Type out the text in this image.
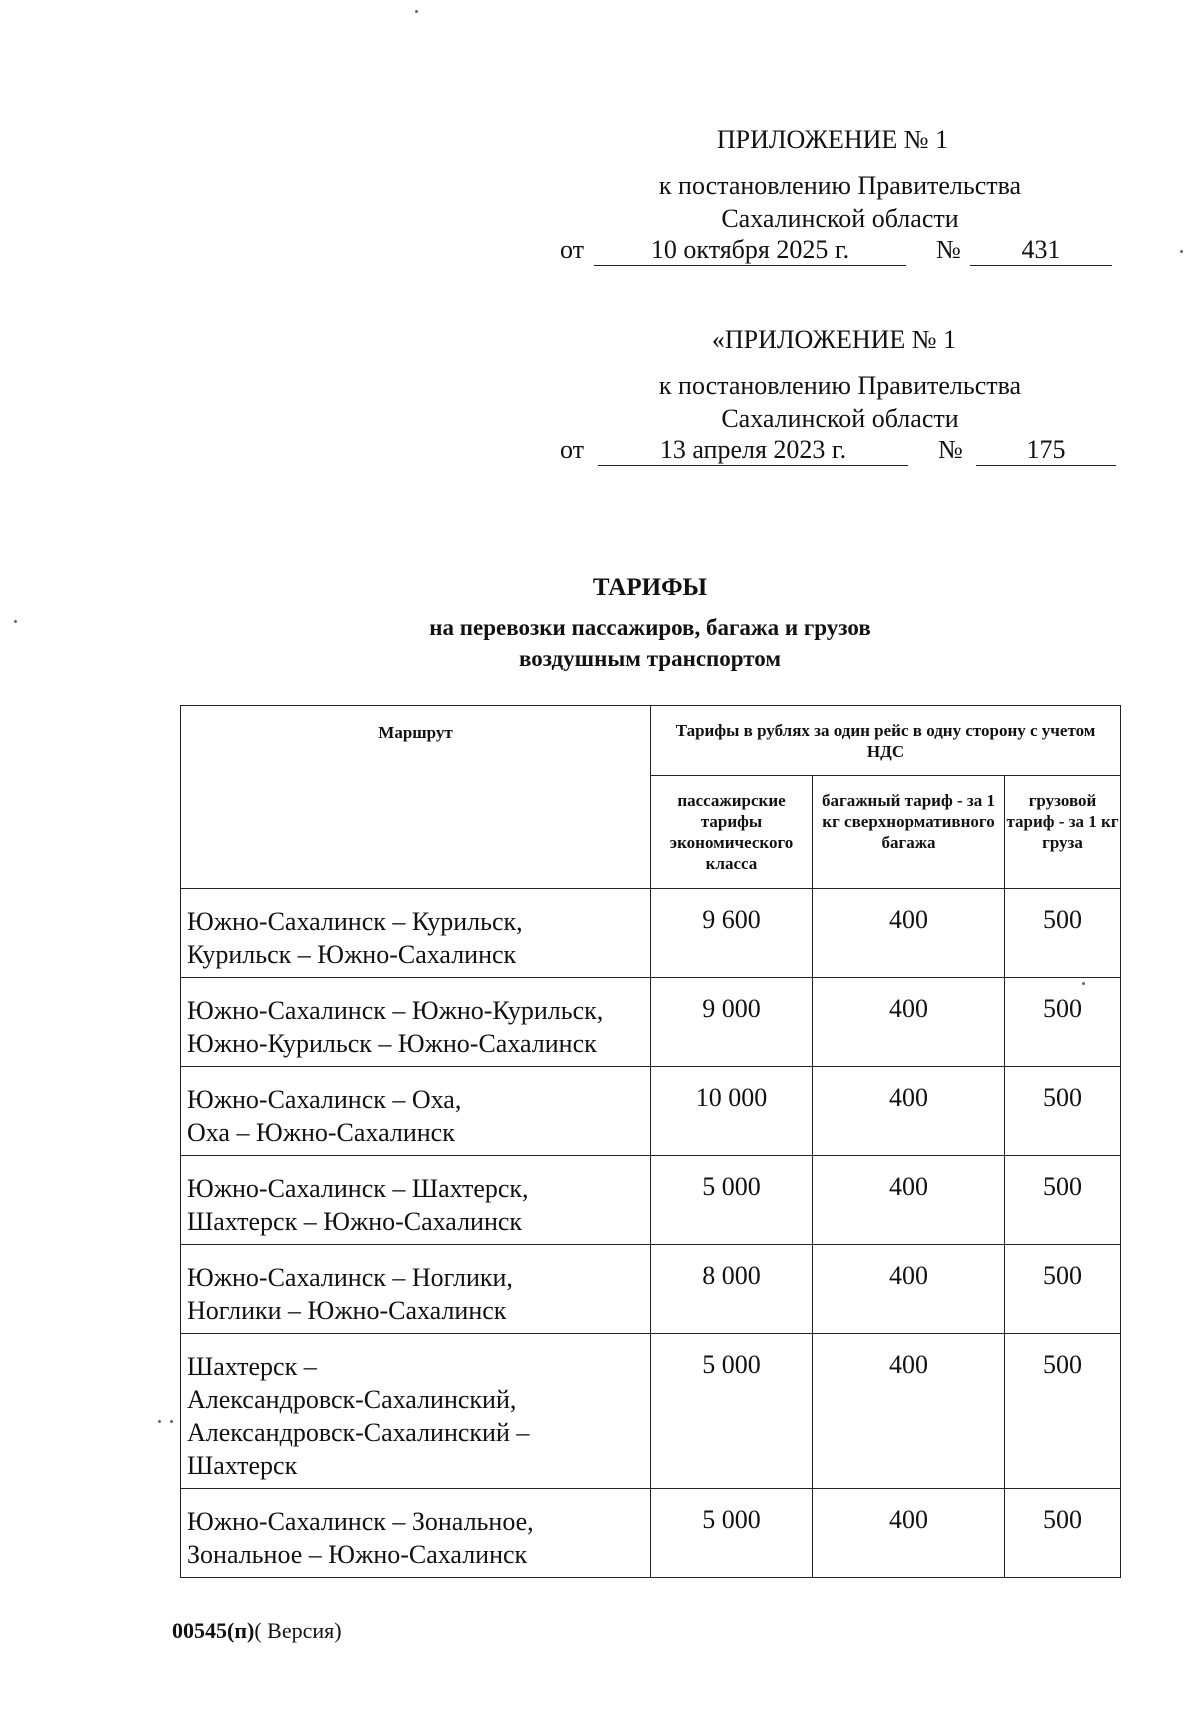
ПРИЛОЖЕНИЕ № 1
к постановлению Правительства
Сахалинской области
от	10 октября 2025 г.	№	431
«ПРИЛОЖЕНИЕ № 1
к постановлению Правительства
Сахалинской области
от	13 апреля 2023 г.	№	175
ТАРИФЫ
на перевозки пассажиров, багажа и грузов
воздушным транспортом
Маршрут	Тарифы в рублях за один рейс в одну сторону с учетом НДС		
	пассажирские тарифы экономического класса	багажный тариф - за 1 кг сверхнормативного багажа	грузовой тариф - за 1 кг груза

Южно-Сахалинск – Курильск,
Курильск – Южно-Сахалинск	9 600	400	500

Южно-Сахалинск – Южно-Курильск,
Южно-Курильск – Южно-Сахалинск	9 000	400	500

Южно-Сахалинск – Оха,
Оха – Южно-Сахалинск	10 000	400	500

Южно-Сахалинск – Шахтерск,
Шахтерск – Южно-Сахалинск	5 000	400	500

Южно-Сахалинск – Ноглики,
Ноглики – Южно-Сахалинск	8 000	400	500

Шахтерск –
Александровск-Сахалинский,
Александровск-Сахалинский –
Шахтерск	5 000	400	500

Южно-Сахалинск – Зональное,
Зональное – Южно-Сахалинск	5 000	400	500
00545(п)( Версия)
